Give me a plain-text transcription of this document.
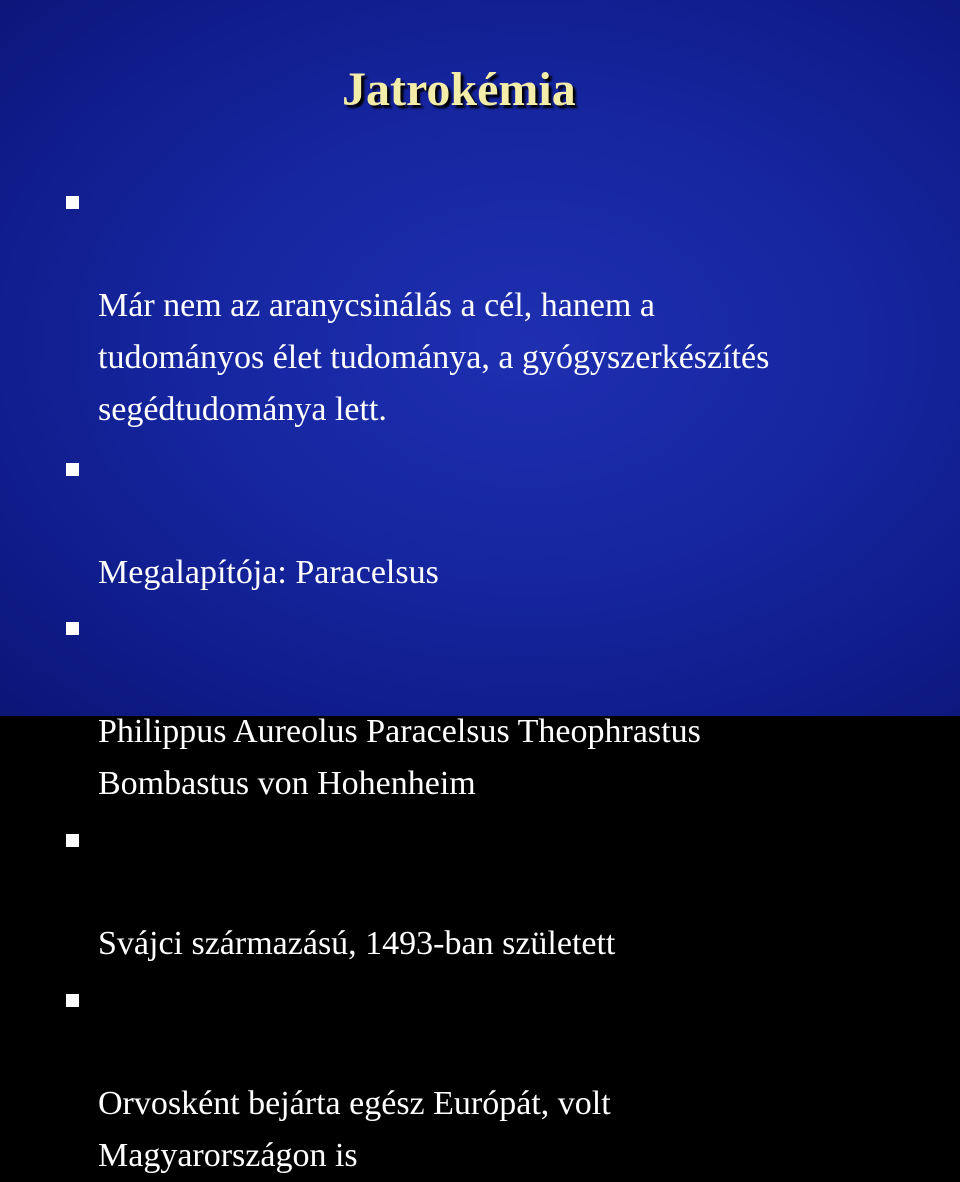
Jatrokémia

Már nem az aranycsinálás a cél, hanem a
tudományos élet tudománya, a gyógyszerkészítés
segédtudománya lett.

Megalapítója: Paracelsus

Philippus Aureolus Paracelsus Theophrastus
Bombastus von Hohenheim

Svájci származású, 1493-ban született

Orvosként bejárta egész Európát, volt
Magyarországon is
